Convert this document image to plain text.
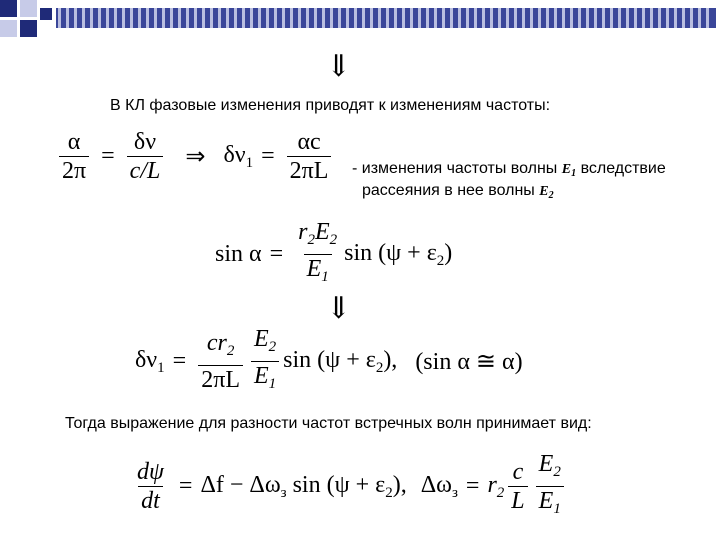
⇓
В КЛ фазовые изменения приводят к изменениям частоты:
$\frac{\alpha}{2\pi} = \frac{\delta\nu}{c/L}$ ⇒ $\delta\nu_1 = \frac{\alpha c}{2\pi L}$ - изменения частоты волны $E_1$ вследствие
рассеяния в нее волны $E_2$
$\sin \alpha = \frac{r_2E_2}{E_1}$ $\sin (\psi + \varepsilon_2)$
⇓
$\delta\nu_1 = \frac{cr_2}{2\pi L} \frac{E_2}{E_1}$ $\sin (\psi + \varepsilon_2)$, (sin α ≅ α)
Тогда выражение для разности частот встречных волн принимает вид:
$\frac{d\psi}{dt} = \Delta f - \Delta\omega_з$ $\sin (\psi + \varepsilon_2)$, $\Delta\omega_з = r_2 \frac{c}{L} \frac{E_2}{E_1}$
